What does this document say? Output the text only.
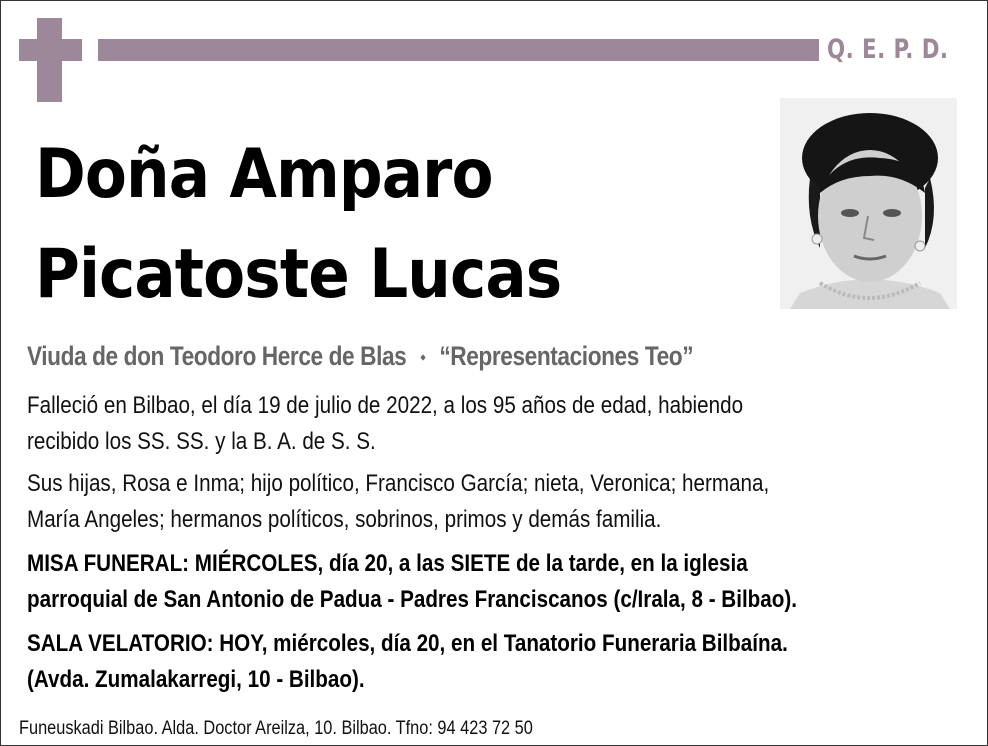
Q. E. P. D.
Doña Amparo
Picatoste Lucas
Viuda de don Teodoro Herce de Blas ⬩ “Representaciones Teo”
Falleció en Bilbao, el día 19 de julio de 2022, a los 95 años de edad, habiendo
recibido los SS. SS. y la B. A. de S. S.
Sus hijas, Rosa e Inma; hijo político, Francisco García; nieta, Veronica; hermana,
María Angeles; hermanos políticos, sobrinos, primos y demás familia.
MISA FUNERAL: MIÉRCOLES, día 20, a las SIETE de la tarde, en la iglesia
parroquial de San Antonio de Padua - Padres Franciscanos (c/Irala, 8 - Bilbao).
SALA VELATORIO: HOY, miércoles, día 20, en el Tanatorio Funeraria Bilbaína.
(Avda. Zumalakarregi, 10 - Bilbao).
Funeuskadi Bilbao. Alda. Doctor Areilza, 10. Bilbao. Tfno: 94 423 72 50
